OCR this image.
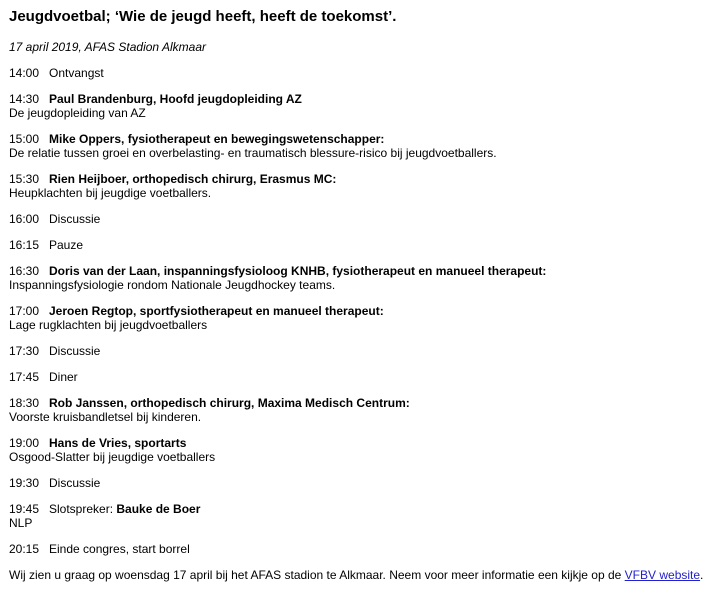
Jeugdvoetbal; ‘Wie de jeugd heeft, heeft de toekomst’.
17 april 2019, AFAS Stadion Alkmaar
14:00 Ontvangst
14:30 Paul Brandenburg, Hoofd jeugdopleiding AZ
De jeugdopleiding van AZ
15:00 Mike Oppers, fysiotherapeut en bewegingswetenschapper:
De relatie tussen groei en overbelasting- en traumatisch blessure-risico bij jeugdvoetballers.
15:30 Rien Heijboer, orthopedisch chirurg, Erasmus MC:
Heupklachten bij jeugdige voetballers.
16:00 Discussie
16:15 Pauze
16:30 Doris van der Laan, inspanningsfysioloog KNHB, fysiotherapeut en manueel therapeut:
Inspanningsfysiologie rondom Nationale Jeugdhockey teams.
17:00 Jeroen Regtop, sportfysiotherapeut en manueel therapeut:
Lage rugklachten bij jeugdvoetballers
17:30 Discussie
17:45 Diner
18:30 Rob Janssen, orthopedisch chirurg, Maxima Medisch Centrum:
Voorste kruisbandletsel bij kinderen.
19:00 Hans de Vries, sportarts
Osgood-Slatter bij jeugdige voetballers
19:30 Discussie
19:45 Slotspreker: Bauke de Boer
NLP
20:15 Einde congres, start borrel
Wij zien u graag op woensdag 17 april bij het AFAS stadion te Alkmaar. Neem voor meer informatie een kijkje op de VFBV website.
